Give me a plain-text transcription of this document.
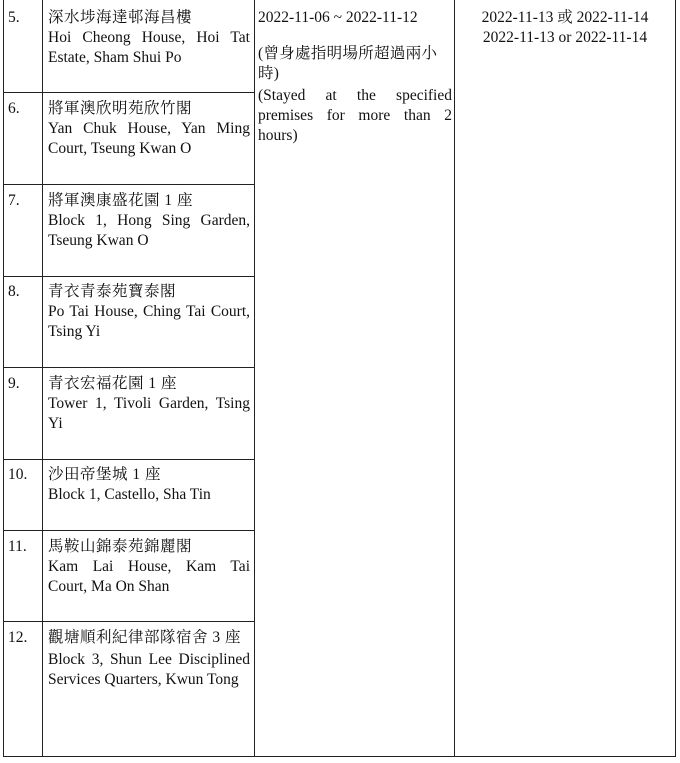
5. 深水埗海達邨海昌樓
Hoi Cheong House, Hoi Tat Estate, Sham Shui Po
6. 將軍澳欣明苑欣竹閣
Yan Chuk House, Yan Ming Court, Tseung Kwan O
7. 將軍澳康盛花園 1 座
Block 1, Hong Sing Garden, Tseung Kwan O
8. 青衣青泰苑寶泰閣
Po Tai House, Ching Tai Court, Tsing Yi
9. 青衣宏福花園 1 座
Tower 1, Tivoli Garden, Tsing Yi
10. 沙田帝堡城 1 座
Block 1, Castello, Sha Tin
11. 馬鞍山錦泰苑錦麗閣
Kam Lai House, Kam Tai Court, Ma On Shan
12. 觀塘順利紀律部隊宿舍 3 座
Block 3, Shun Lee Disciplined Services Quarters, Kwun Tong
2022-11-06 ~ 2022-11-12
(曾身處指明場所超過兩小時)
(Stayed at the specified premises for more than 2 hours)
2022-11-13 或 2022-11-14
2022-11-13 or 2022-11-14
